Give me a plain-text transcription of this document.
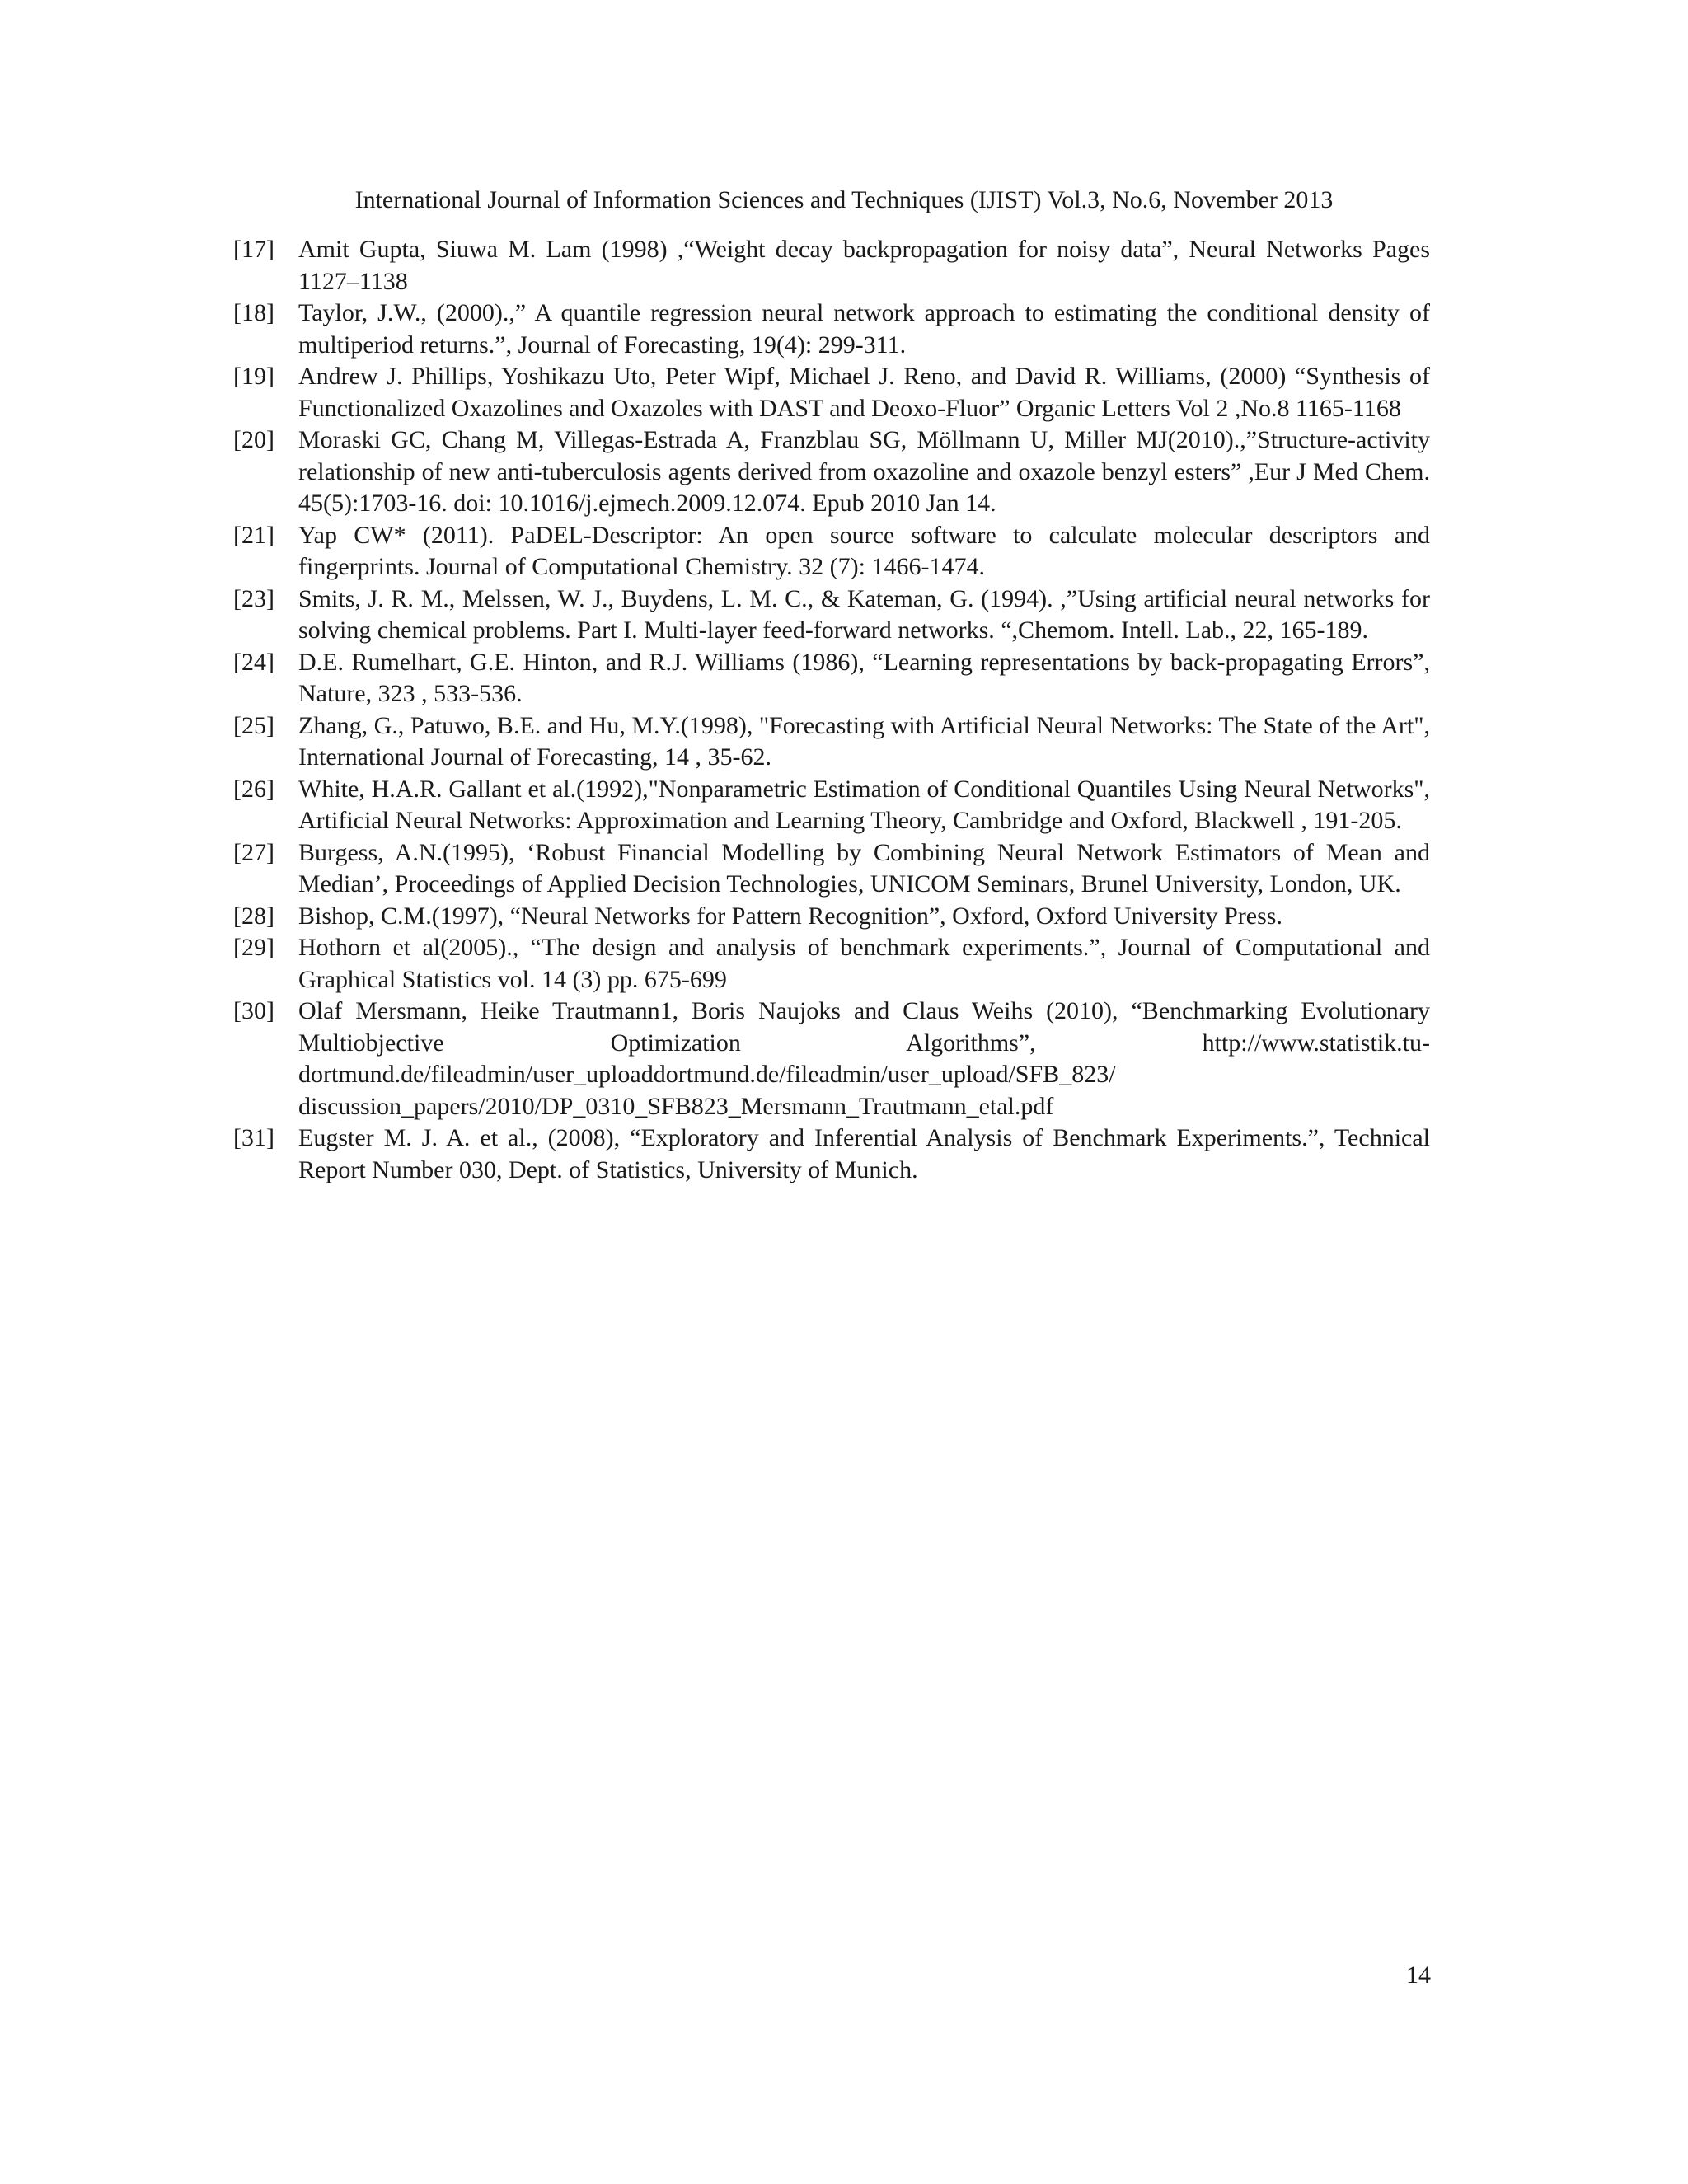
International Journal of Information Sciences and Techniques (IJIST) Vol.3, No.6, November 2013
[17] Amit Gupta, Siuwa M. Lam (1998) ,“Weight decay backpropagation for noisy data”, Neural Networks Pages 1127–1138
[18] Taylor, J.W., (2000).,” A quantile regression neural network approach to estimating the conditional density of multiperiod returns.”, Journal of Forecasting, 19(4): 299-311.
[19] Andrew J. Phillips, Yoshikazu Uto, Peter Wipf, Michael J. Reno, and David R. Williams, (2000) “Synthesis of Functionalized Oxazolines and Oxazoles with DAST and Deoxo-Fluor” Organic Letters Vol 2 ,No.8 1165-1168
[20] Moraski GC, Chang M, Villegas-Estrada A, Franzblau SG, Möllmann U, Miller MJ(2010).,”Structure-activity relationship of new anti-tuberculosis agents derived from oxazoline and oxazole benzyl esters” ,Eur J Med Chem. 45(5):1703-16. doi: 10.1016/j.ejmech.2009.12.074. Epub 2010 Jan 14.
[21] Yap CW* (2011). PaDEL-Descriptor: An open source software to calculate molecular descriptors and fingerprints. Journal of Computational Chemistry. 32 (7): 1466-1474.
[23] Smits, J. R. M., Melssen, W. J., Buydens, L. M. C., & Kateman, G. (1994). ,”Using artificial neural networks for solving chemical problems. Part I. Multi-layer feed-forward networks. “,Chemom. Intell. Lab., 22, 165-189.
[24] D.E. Rumelhart, G.E. Hinton, and R.J. Williams (1986), “Learning representations by back-propagating Errors”, Nature, 323 , 533-536.
[25] Zhang, G., Patuwo, B.E. and Hu, M.Y.(1998), "Forecasting with Artificial Neural Networks: The State of the Art", International Journal of Forecasting, 14 , 35-62.
[26] White, H.A.R. Gallant et al.(1992),"Nonparametric Estimation of Conditional Quantiles Using Neural Networks", Artificial Neural Networks: Approximation and Learning Theory, Cambridge and Oxford, Blackwell , 191-205.
[27] Burgess, A.N.(1995), ‘Robust Financial Modelling by Combining Neural Network Estimators of Mean and Median’, Proceedings of Applied Decision Technologies, UNICOM Seminars, Brunel University, London, UK.
[28] Bishop, C.M.(1997), “Neural Networks for Pattern Recognition”, Oxford, Oxford University Press.
[29] Hothorn et al(2005)., “The design and analysis of benchmark experiments.”, Journal of Computational and Graphical Statistics vol. 14 (3) pp. 675-699
[30] Olaf Mersmann, Heike Trautmann1, Boris Naujoks and Claus Weihs (2010), “Benchmarking Evolutionary Multiobjective Optimization Algorithms”, http://www.statistik.tu-dortmund.de/fileadmin/user_uploaddortmund.de/fileadmin/user_upload/SFB_823/ discussion_papers/2010/DP_0310_SFB823_Mersmann_Trautmann_etal.pdf
[31] Eugster M. J. A. et al., (2008), “Exploratory and Inferential Analysis of Benchmark Experiments.”, Technical Report Number 030, Dept. of Statistics, University of Munich.
14
